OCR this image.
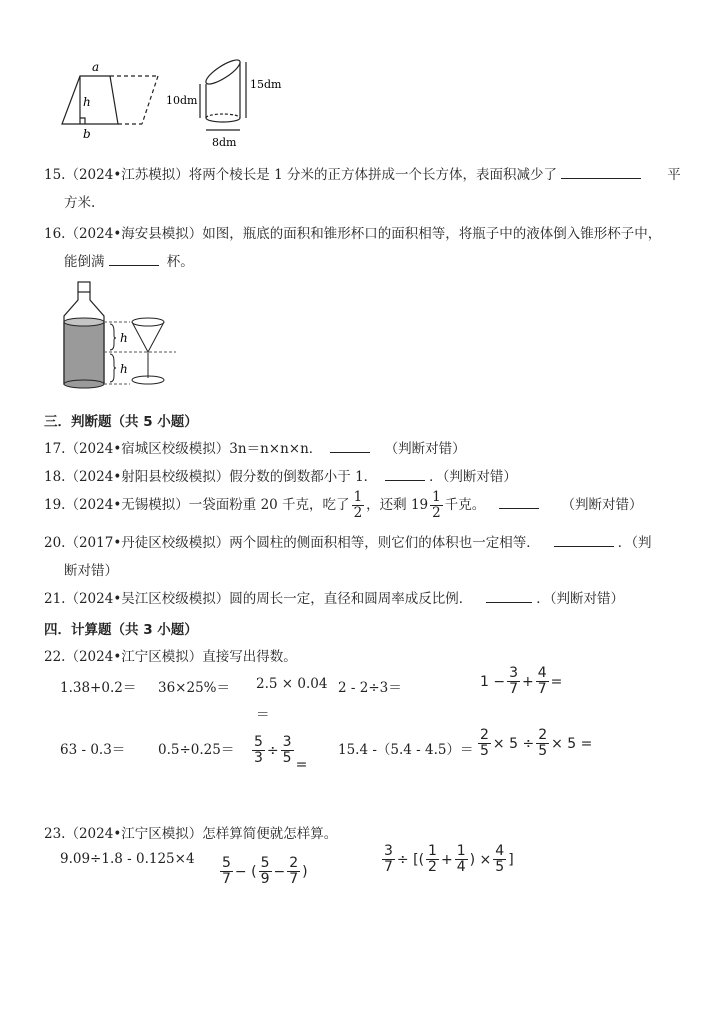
a
h
b
10dm
15dm
8dm
15.（2024•江苏模拟）将两个棱长是 1 分米的正方体拼成一个长方体，表面积减少了	平
方米.
16.（2024•海安县模拟）如图，瓶底的面积和锥形杯口的面积相等，将瓶子中的液体倒入锥形杯子中，
能倒满	杯。
h
h
三．判断题（共 5 小题）
17.（2024•宿城区校级模拟）3n＝n×n×n．	（判断对错）
18.（2024•射阳县校级模拟）假分数的倒数都小于 1．	．（判断对错）
19.（2024•无锡模拟）一袋面粉重 20 千克，吃了 $\frac{1}{2}$ ，还剩 $19 \frac{1}{2}$ 千克。	（判断对错）
20.（2017•丹徒区校级模拟）两个圆柱的侧面积相等，则它们的体积也一定相等．	．（判
断对错）
21.（2024•吴江区校级模拟）圆的周长一定，直径和圆周率成反比例．	．（判断对错）
四．计算题（共 3 小题）
22.（2024•江宁区模拟）直接写出得数。
1.38+0.2＝ 36×25%＝ 2.5 × 0.04 2 - 2÷3＝
＝
$1 - \frac{3}{7} + \frac{4}{7}$ =
$63 - 0.3= 0.5\div 0.25= \frac{5}{3} \div \frac{3}{5}$ =
15.4 $-(5.4 - 4.5)= \frac{2}{5} \times 5 \div \frac{2}{5} \times 5$ =
23.（2024•江宁区模拟）怎样算简便就怎样算。
$9.09\div 1.8 - 0.125\times 4 \frac{5}{7}$ − ( $\frac{5}{9} - \frac{2}{7}$ )	$\frac{3}{7}$ ÷ [( $\frac{1}{2} + \frac{1}{4}$ ) × $\frac{4}{5}$ ]
